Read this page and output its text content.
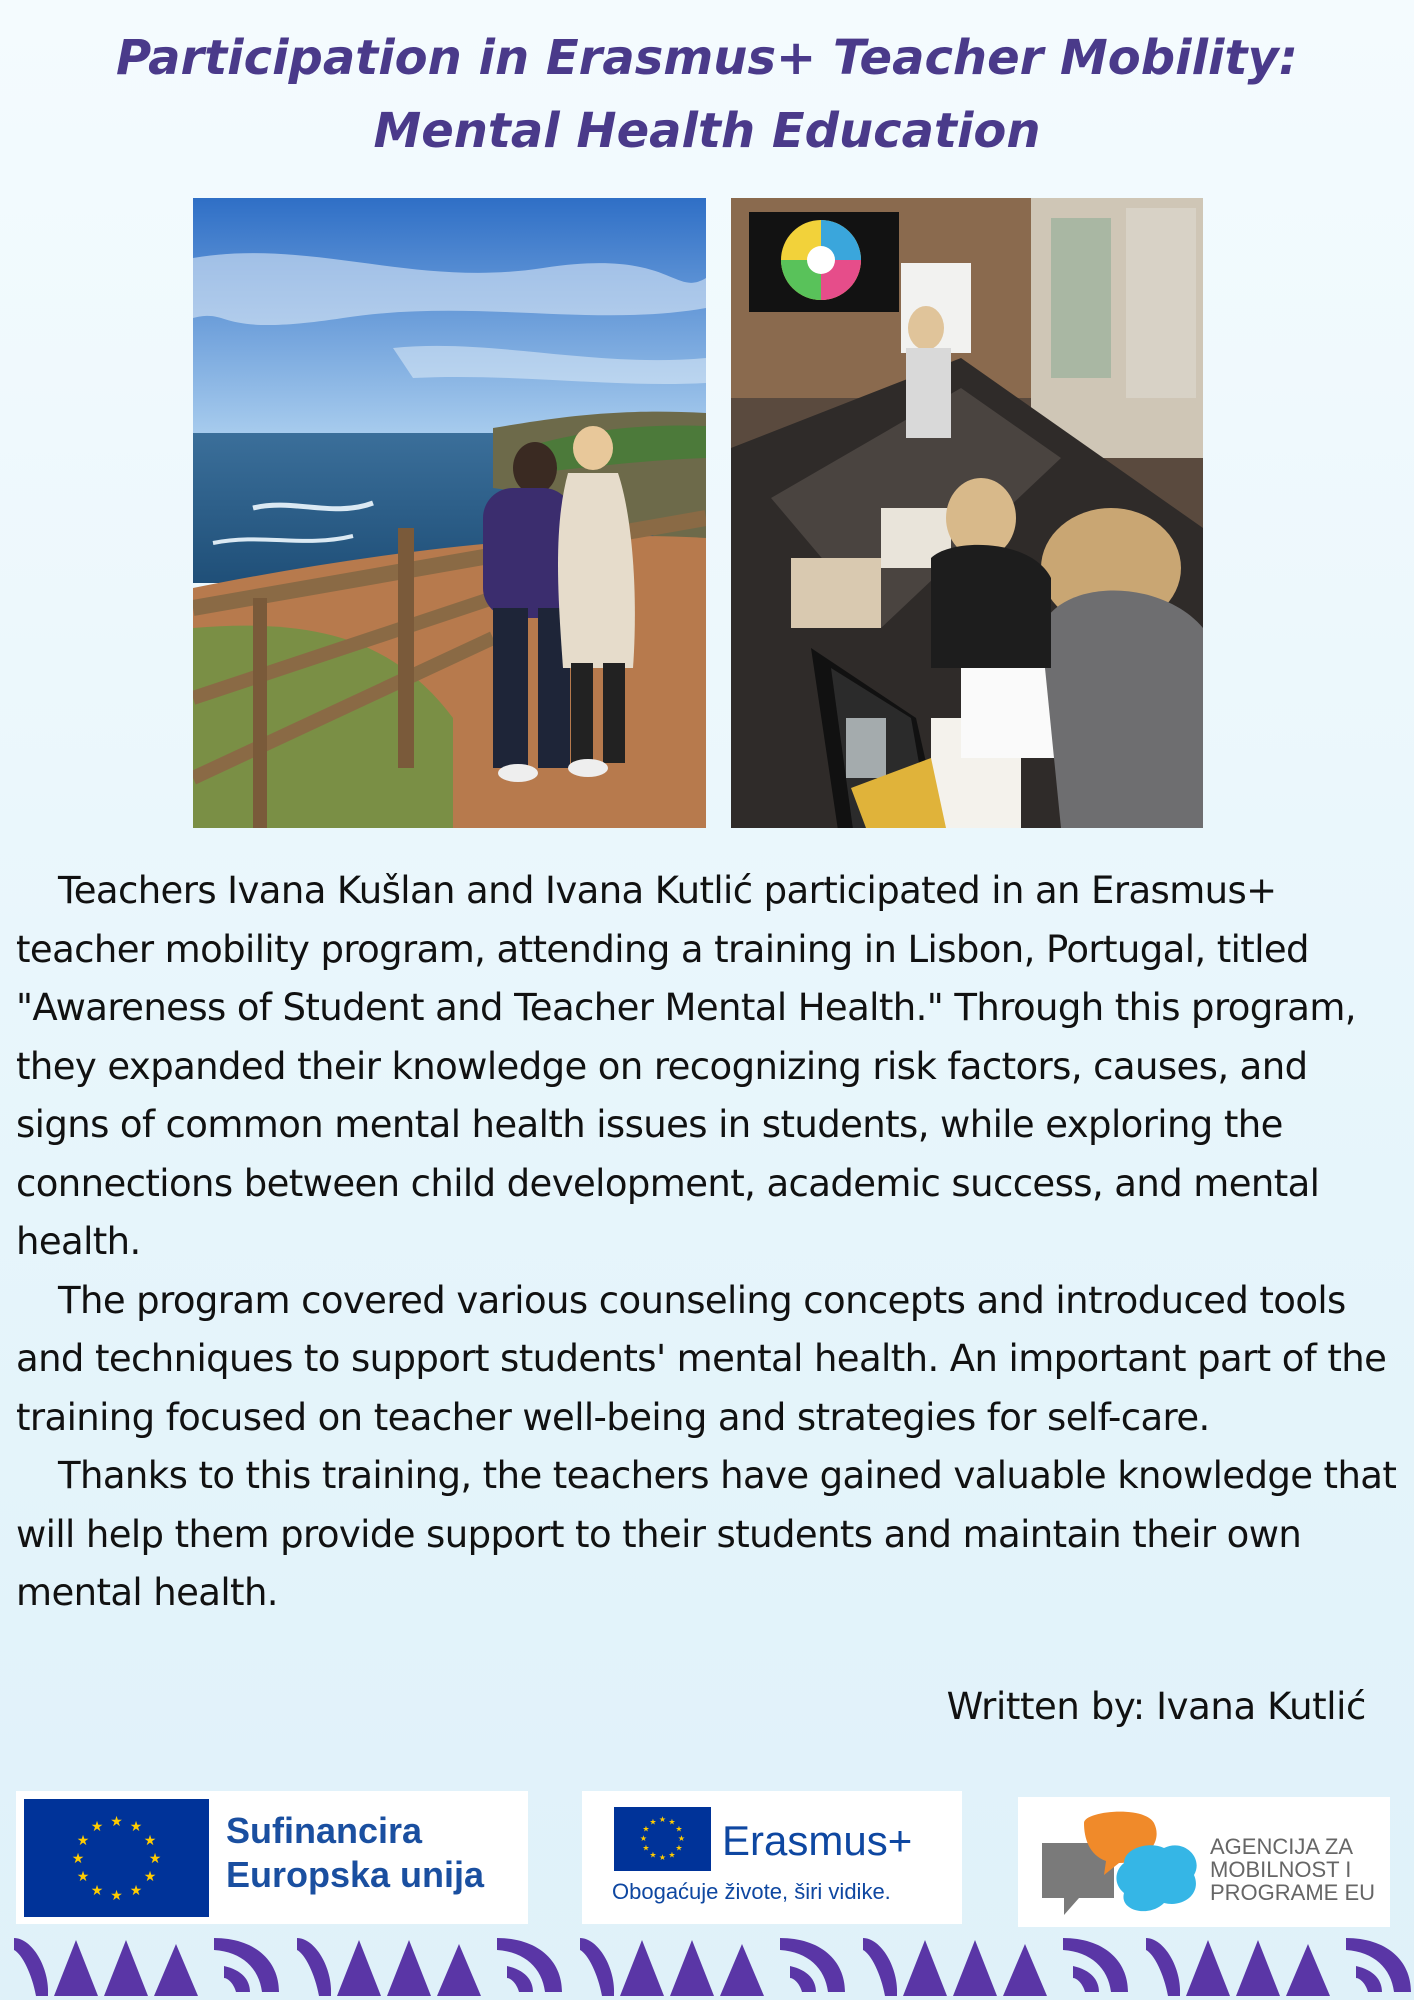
Participation in Erasmus+ Teacher Mobility: Mental Health Education

Teachers Ivana Kušlan and Ivana Kutlić participated in an Erasmus+ teacher mobility program, attending a training in Lisbon, Portugal, titled "Awareness of Student and Teacher Mental Health." Through this program, they expanded their knowledge on recognizing risk factors, causes, and signs of common mental health issues in students, while exploring the connections between child development, academic success, and mental health.

The program covered various counseling concepts and introduced tools and techniques to support students' mental health. An important part of the training focused on teacher well-being and strategies for self-care.

Thanks to this training, the teachers have gained valuable knowledge that will help them provide support to their students and maintain their own mental health.

Written by: Ivana Kutlić
★ ★
★
★
★
★
★
★
★
★
★
★	Sufinancira
Europska unija
★ ★
★
★
★
★
★
★
★
★
★
★ Erasmus+
Obogaćuje živote, širi vidike.
AGENCIJA ZA
MOBILNOST I
PROGRAME EU
